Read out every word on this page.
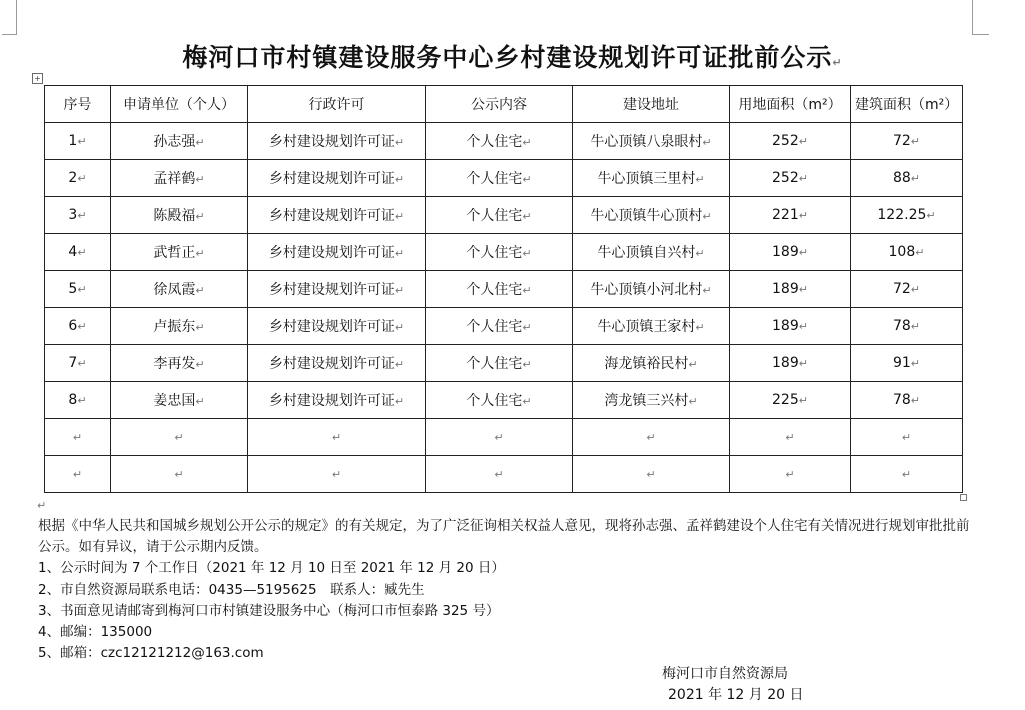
梅河口市村镇建设服务中心乡村建设规划许可证批前公示↵
+
序号	申请单位（个人）	行政许可	公示内容	建设地址	用地面积（m²）	建筑面积（m²）
1↵	孙志强↵	乡村建设规划许可证↵	个人住宅↵	牛心顶镇八泉眼村↵	252↵	72↵
2↵	孟祥鹤↵	乡村建设规划许可证↵	个人住宅↵	牛心顶镇三里村↵	252↵	88↵
3↵	陈殿福↵	乡村建设规划许可证↵	个人住宅↵	牛心顶镇牛心顶村↵	221↵	122.25↵
4↵	武哲正↵	乡村建设规划许可证↵	个人住宅↵	牛心顶镇自兴村↵	189↵	108↵
5↵	徐凤霞↵	乡村建设规划许可证↵	个人住宅↵	牛心顶镇小河北村↵	189↵	72↵
6↵	卢振东↵	乡村建设规划许可证↵	个人住宅↵	牛心顶镇王家村↵	189↵	78↵
7↵	李再发↵	乡村建设规划许可证↵	个人住宅↵	海龙镇裕民村↵	189↵	91↵
8↵	姜忠国↵	乡村建设规划许可证↵	个人住宅↵	湾龙镇三兴村↵	225↵	78↵
↵	↵	↵	↵	↵	↵	↵
↵	↵	↵	↵	↵	↵	↵
↵
根据《中华人民共和国城乡规划公开公示的规定》的有关规定，为了广泛征询相关权益人意见，现将孙志强、孟祥鹤建设个人住宅有关情况进行规划审批批前公示。如有异议，请于公示期内反馈。
1、公示时间为 7 个工作日（2021 年 12 月 10 日至 2021 年 12 月 20 日）
2、市自然资源局联系电话：0435—5195625　联系人：臧先生
3、书面意见请邮寄到梅河口市村镇建设服务中心（梅河口市恒泰路 325 号）
4、邮编：135000
5、邮箱：czc12121212@163.com
梅河口市自然资源局
2021 年 12 月 20 日
